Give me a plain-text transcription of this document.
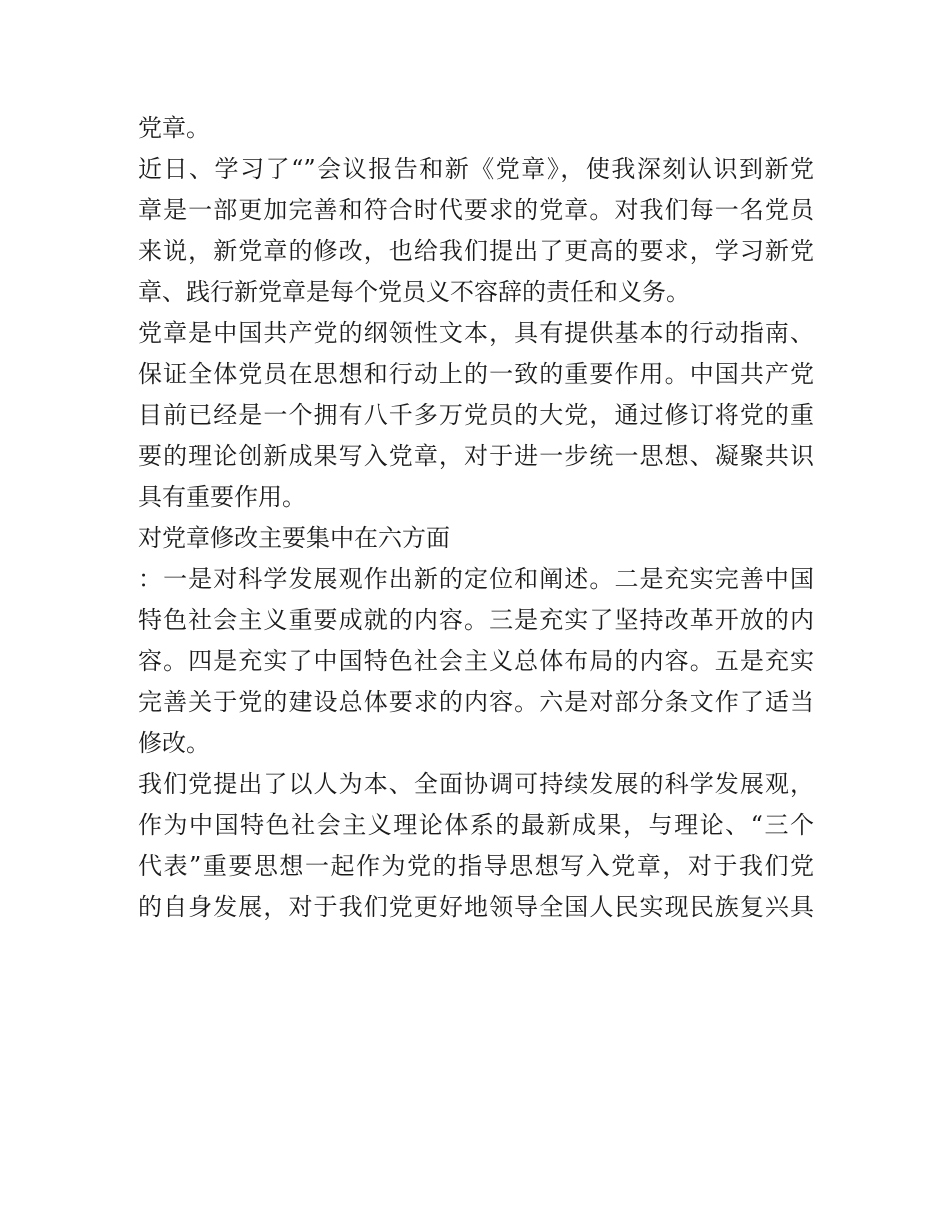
党章。
近日、学习了“”会议报告和新《党章》，使我深刻认识到新党
章是一部更加完善和符合时代要求的党章。对我们每一名党员
来说，新党章的修改，也给我们提出了更高的要求，学习新党
章、践行新党章是每个党员义不容辞的责任和义务。
党章是中国共产党的纲领性文本，具有提供基本的行动指南、
保证全体党员在思想和行动上的一致的重要作用。中国共产党
目前已经是一个拥有八千多万党员的大党，通过修订将党的重
要的理论创新成果写入党章，对于进一步统一思想、凝聚共识
具有重要作用。
对党章修改主要集中在六方面
：一是对科学发展观作出新的定位和阐述。二是充实完善中国
特色社会主义重要成就的内容。三是充实了坚持改革开放的内
容。四是充实了中国特色社会主义总体布局的内容。五是充实
完善关于党的建设总体要求的内容。六是对部分条文作了适当
修改。
我们党提出了以人为本、全面协调可持续发展的科学发展观，
作为中国特色社会主义理论体系的最新成果，与理论、“三个
代表”重要思想一起作为党的指导思想写入党章，对于我们党
的自身发展，对于我们党更好地领导全国人民实现民族复兴具
